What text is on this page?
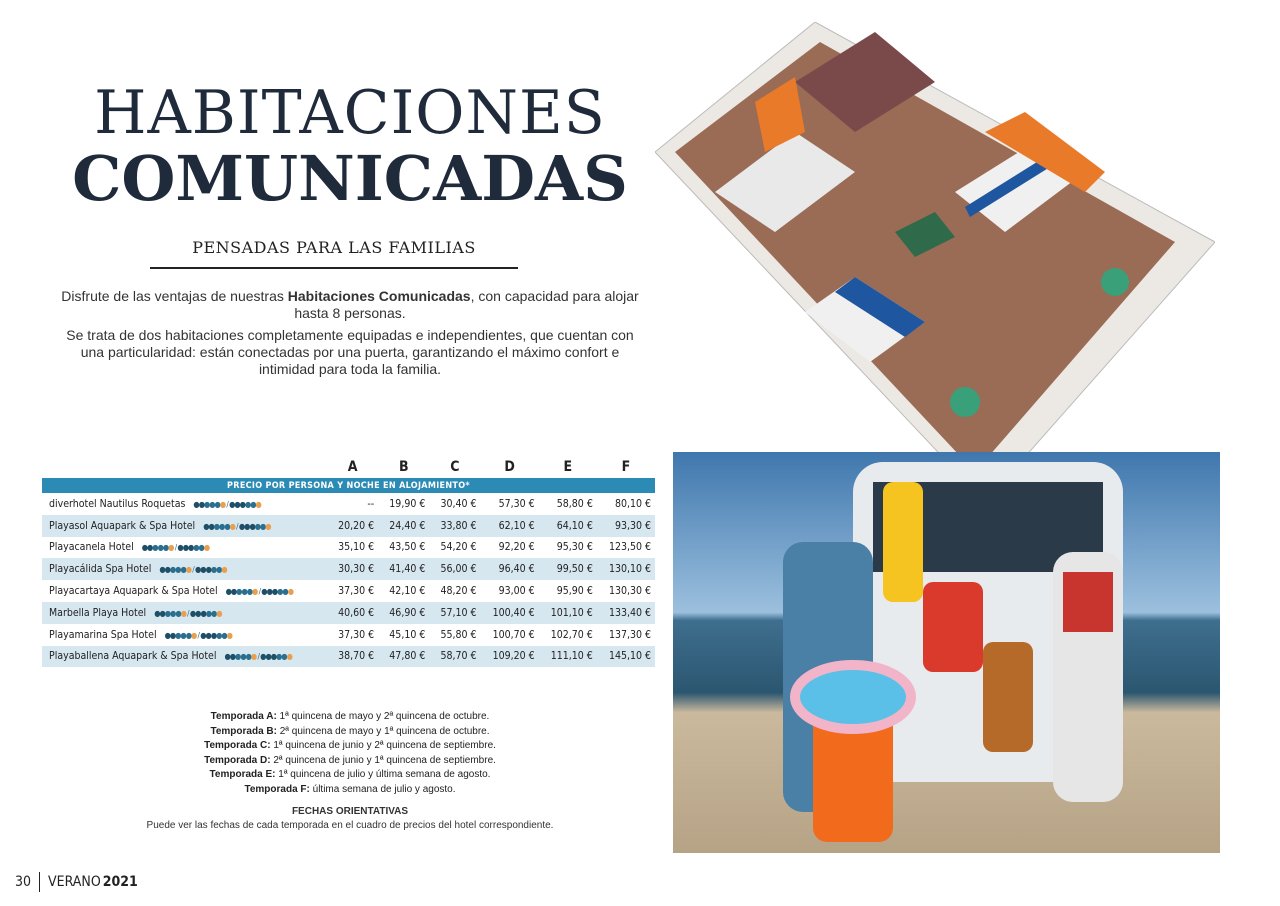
HABITACIONES
COMUNICADAS
PENSADAS PARA LAS FAMILIAS
Disfrute de las ventajas de nuestras Habitaciones Comunicadas, con capacidad para alojar hasta 8 personas.
Se trata de dos habitaciones completamente equipadas e independientes, que cuentan con una particularidad: están conectadas por una puerta, garantizando el máximo confort e intimidad para toda la familia.
	A	B	C	D	E	F
PRECIO POR PERSONA Y NOCHE EN ALOJAMIENTO*						
diverhotel Nautilus Roquetas ●●●●●● / ●●●●●●	--	19,90 €	30,40 €	57,30 €	58,80 €	80,10 €
Playasol Aquapark & Spa Hotel ●●●●●● / ●●●●●●	20,20 €	24,40 €	33,80 €	62,10 €	64,10 €	93,30 €
Playacanela Hotel ●●●●●● / ●●●●●●	35,10 €	43,50 €	54,20 €	92,20 €	95,30 €	123,50 €
Playacálida Spa Hotel ●●●●●● / ●●●●●●	30,30 €	41,40 €	56,00 €	96,40 €	99,50 €	130,10 €
Playacartaya Aquapark & Spa Hotel ●●●●●● / ●●●●●●	37,30 €	42,10 €	48,20 €	93,00 €	95,90 €	130,30 €
Marbella Playa Hotel ●●●●●● / ●●●●●●	40,60 €	46,90 €	57,10 €	100,40 €	101,10 €	133,40 €
Playamarina Spa Hotel ●●●●●● / ●●●●●●	37,30 €	45,10 €	55,80 €	100,70 €	102,70 €	137,30 €
Playaballena Aquapark & Spa Hotel ●●●●●● / ●●●●●●	38,70 €	47,80 €	58,70 €	109,20 €	111,10 €	145,10 €
Temporada A: 1ª quincena de mayo y 2ª quincena de octubre.
Temporada B: 2ª quincena de mayo y 1ª quincena de octubre.
Temporada C: 1ª quincena de junio y 2ª quincena de septiembre.
Temporada D: 2ª quincena de junio y 1ª quincena de septiembre.
Temporada E: 1ª quincena de julio y última semana de agosto.
Temporada F: última semana de julio y agosto.
FECHAS ORIENTATIVAS
Puede ver las fechas de cada temporada en el cuadro de precios del hotel correspondiente.
30 VERANO 2021
